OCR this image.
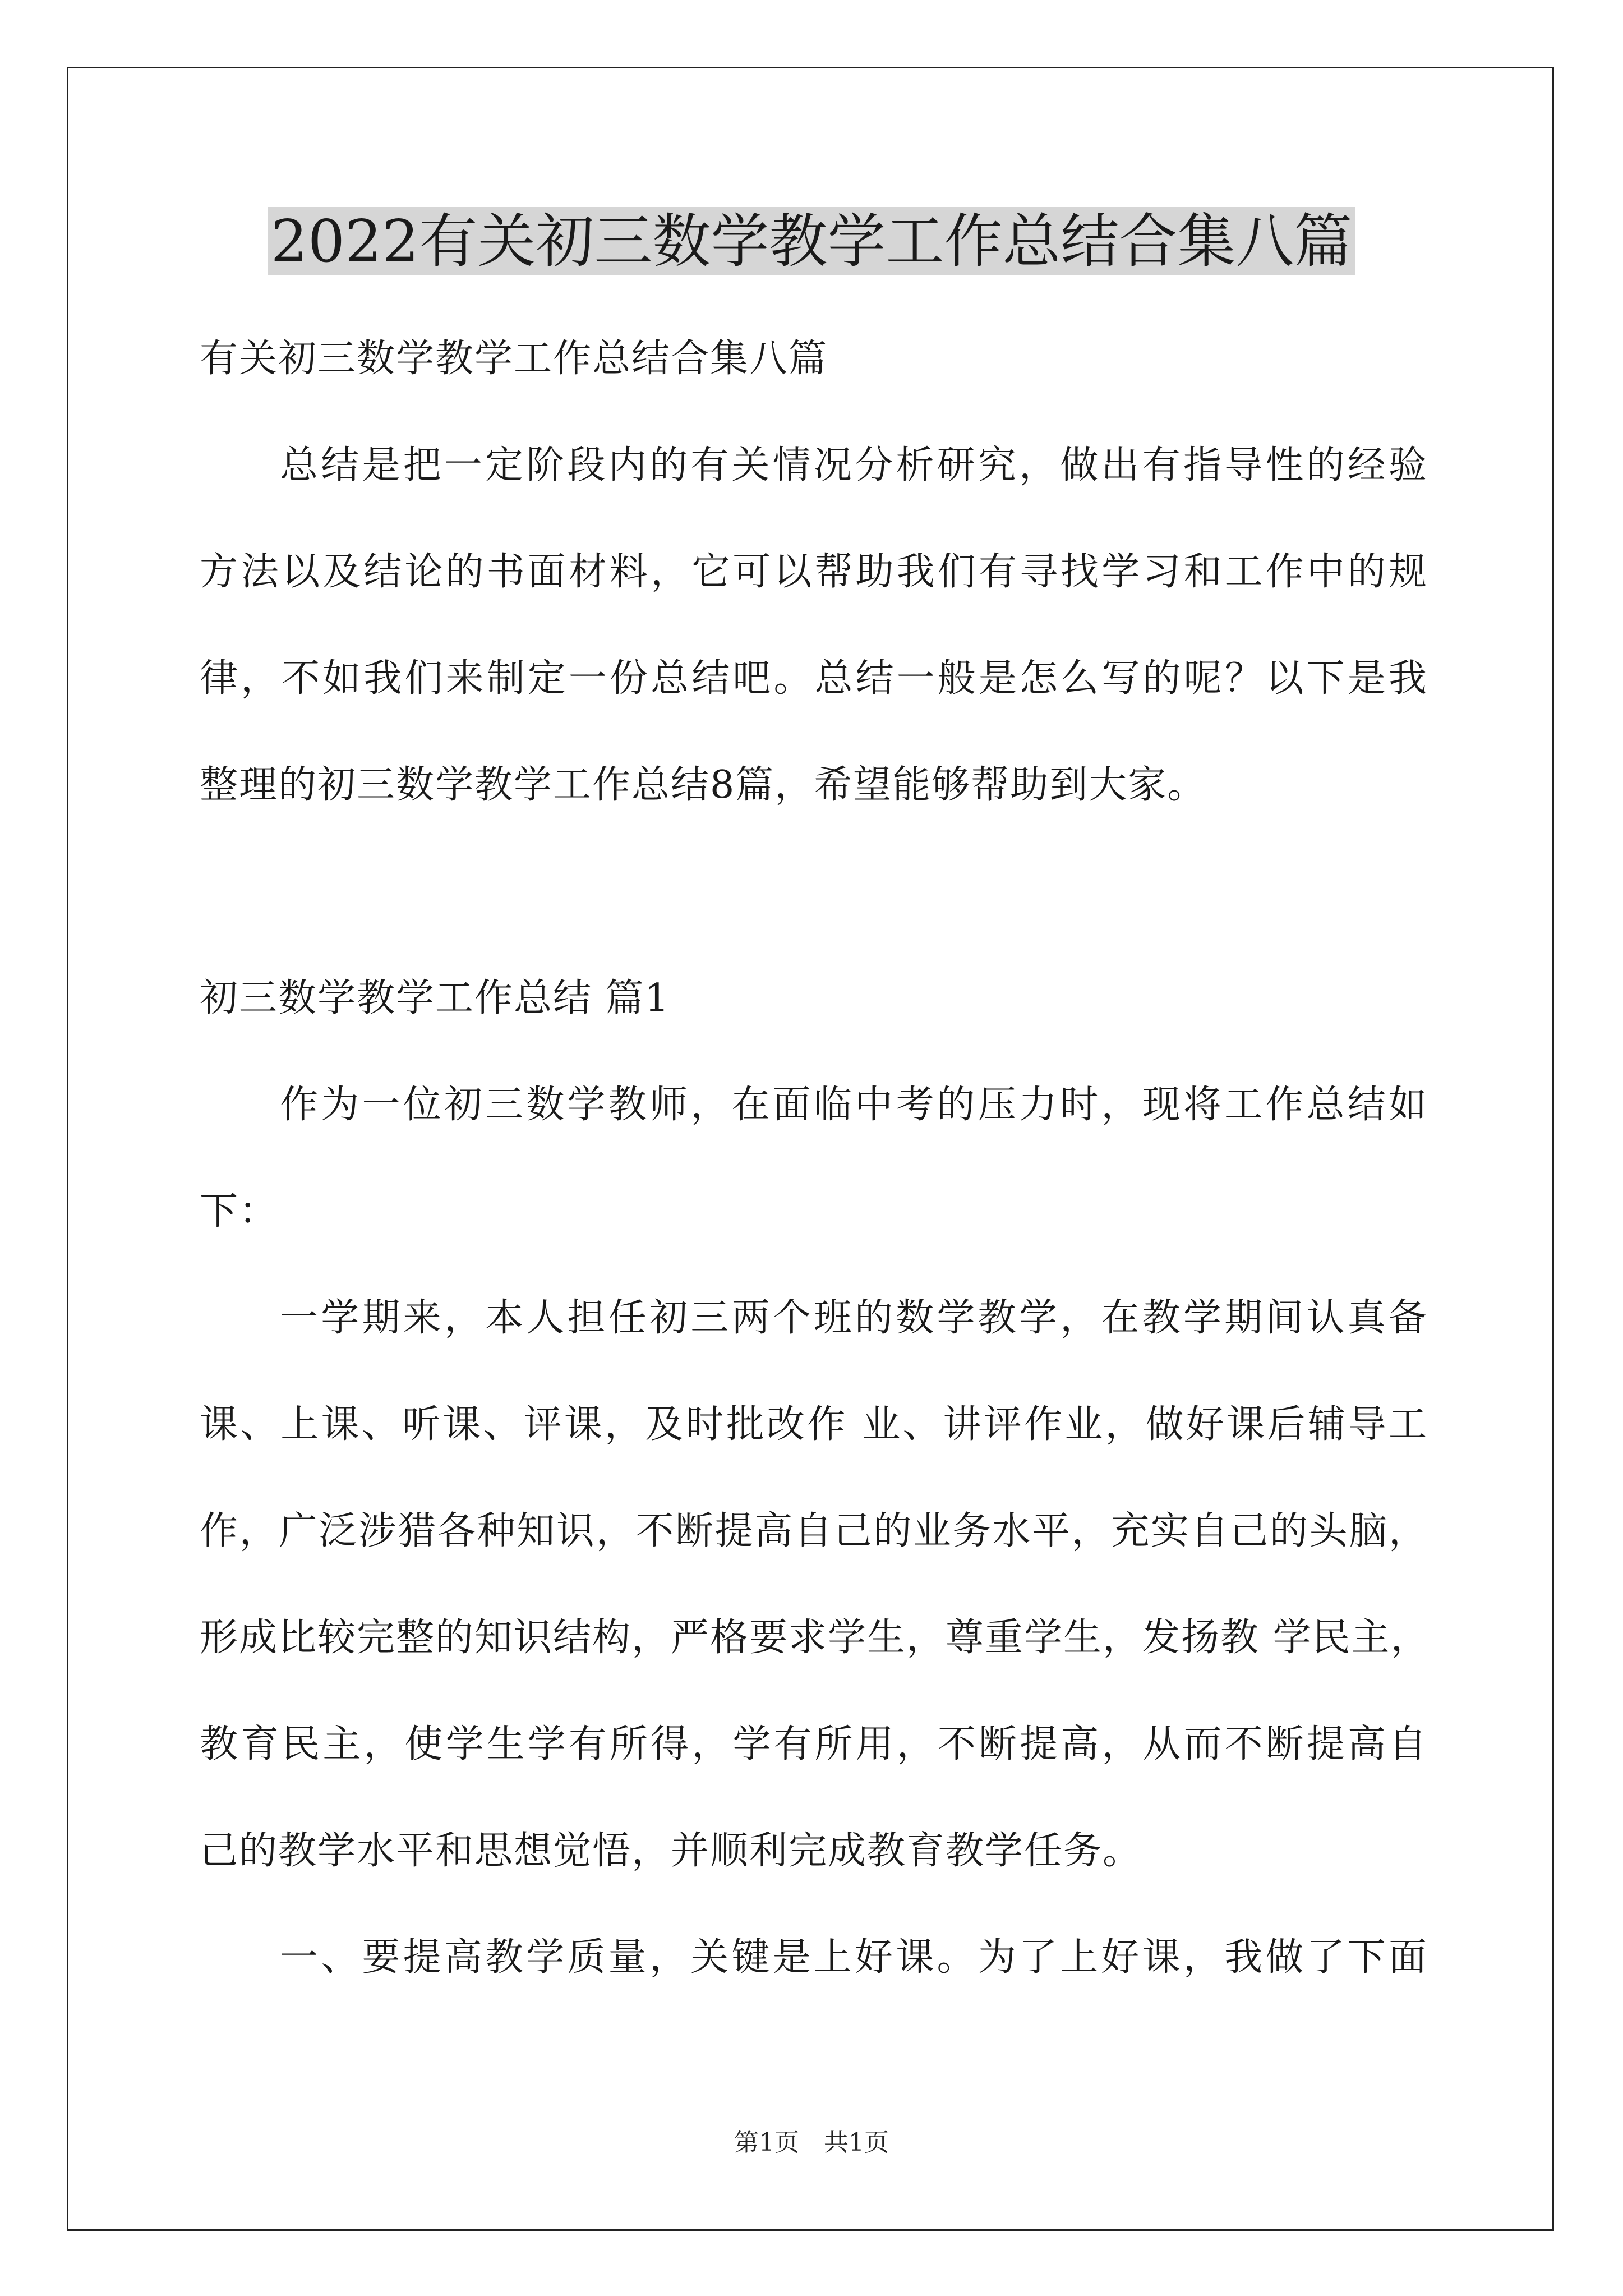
2022有关初三数学教学工作总结合集八篇
有关初三数学教学工作总结合集八篇
总结是把一定阶段内的有关情况分析研究，做出有指导性的经验
方法以及结论的书面材料，它可以帮助我们有寻找学习和工作中的规
律，不如我们来制定一份总结吧。总结一般是怎么写的呢？以下是我
整理的初三数学教学工作总结8篇，希望能够帮助到大家。
初三数学教学工作总结 篇1
作为一位初三数学教师，在面临中考的压力时，现将工作总结如
下：
一学期来，本人担任初三两个班的数学教学，在教学期间认真备
课、上课、听课、评课，及时批改作 业、讲评作业，做好课后辅导工
作，广泛涉猎各种知识，不断提高自己的业务水平，充实自己的头脑，
形成比较完整的知识结构，严格要求学生，尊重学生，发扬教 学民主，
教育民主，使学生学有所得，学有所用，不断提高，从而不断提高自
己的教学水平和思想觉悟，并顺利完成教育教学任务。
一、要提高教学质量，关键是上好课。为了上好课，我做了下面
第1页　共1页
